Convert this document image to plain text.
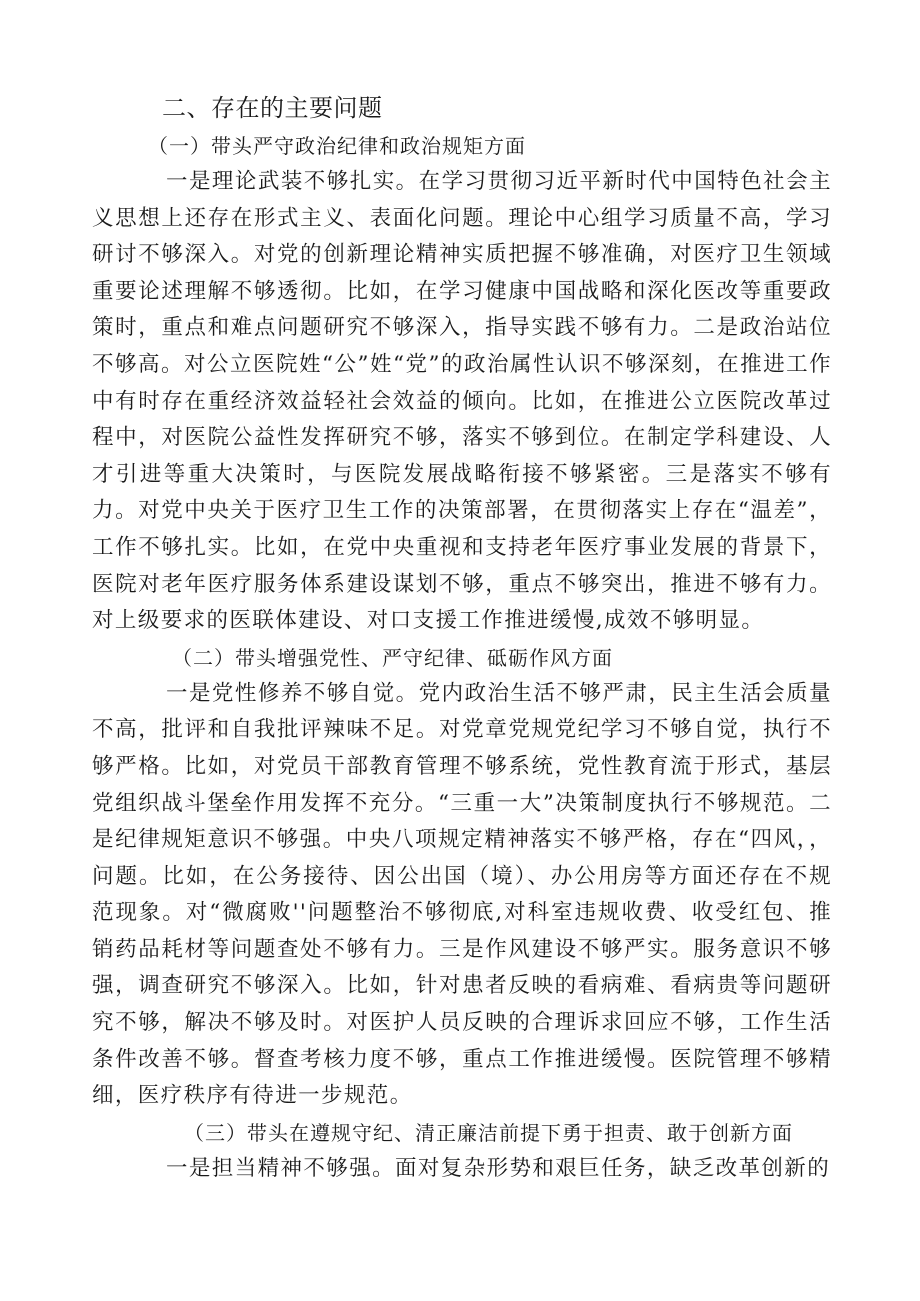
二、存在的主要问题
（一）带头严守政治纪律和政治规矩方面

一是理论武装不够扎实。在学习贯彻习近平新时代中国特色社会主义思想上还存在形式主义、表面化问题。理论中心组学习质量不高，学习研讨不够深入。对党的创新理论精神实质把握不够准确，对医疗卫生领域重要论述理解不够透彻。比如，在学习健康中国战略和深化医改等重要政策时，重点和难点问题研究不够深入，指导实践不够有力。二是政治站位不够高。对公立医院姓“公”姓“党”的政治属性认识不够深刻，在推进工作中有时存在重经济效益轻社会效益的倾向。比如，在推进公立医院改革过程中，对医院公益性发挥研究不够，落实不够到位。在制定学科建设、人才引进等重大决策时，与医院发展战略衔接不够紧密。三是落实不够有力。对党中央关于医疗卫生工作的决策部署，在贯彻落实上存在“温差”，工作不够扎实。比如，在党中央重视和支持老年医疗事业发展的背景下，医院对老年医疗服务体系建设谋划不够，重点不够突出，推进不够有力。对上级要求的医联体建设、对口支援工作推进缓慢,成效不够明显。

（二）带头增强党性、严守纪律、砥砺作风方面

一是党性修养不够自觉。党内政治生活不够严肃，民主生活会质量不高，批评和自我批评辣味不足。对党章党规党纪学习不够自觉，执行不够严格。比如，对党员干部教育管理不够系统，党性教育流于形式，基层党组织战斗堡垒作用发挥不充分。“三重一大”决策制度执行不够规范。二是纪律规矩意识不够强。中央八项规定精神落实不够严格，存在“四风，，问题。比如，在公务接待、因公出国（境）、办公用房等方面还存在不规范现象。对“微腐败''问题整治不够彻底,对科室违规收费、收受红包、推销药品耗材等问题查处不够有力。三是作风建设不够严实。服务意识不够强，调查研究不够深入。比如，针对患者反映的看病难、看病贵等问题研究不够，解决不够及时。对医护人员反映的合理诉求回应不够，工作生活条件改善不够。督查考核力度不够，重点工作推进缓慢。医院管理不够精细，医疗秩序有待进一步规范。

（三）带头在遵规守纪、清正廉洁前提下勇于担责、敢于创新方面

一是担当精神不够强。面对复杂形势和艰巨任务，缺乏改革创新的
